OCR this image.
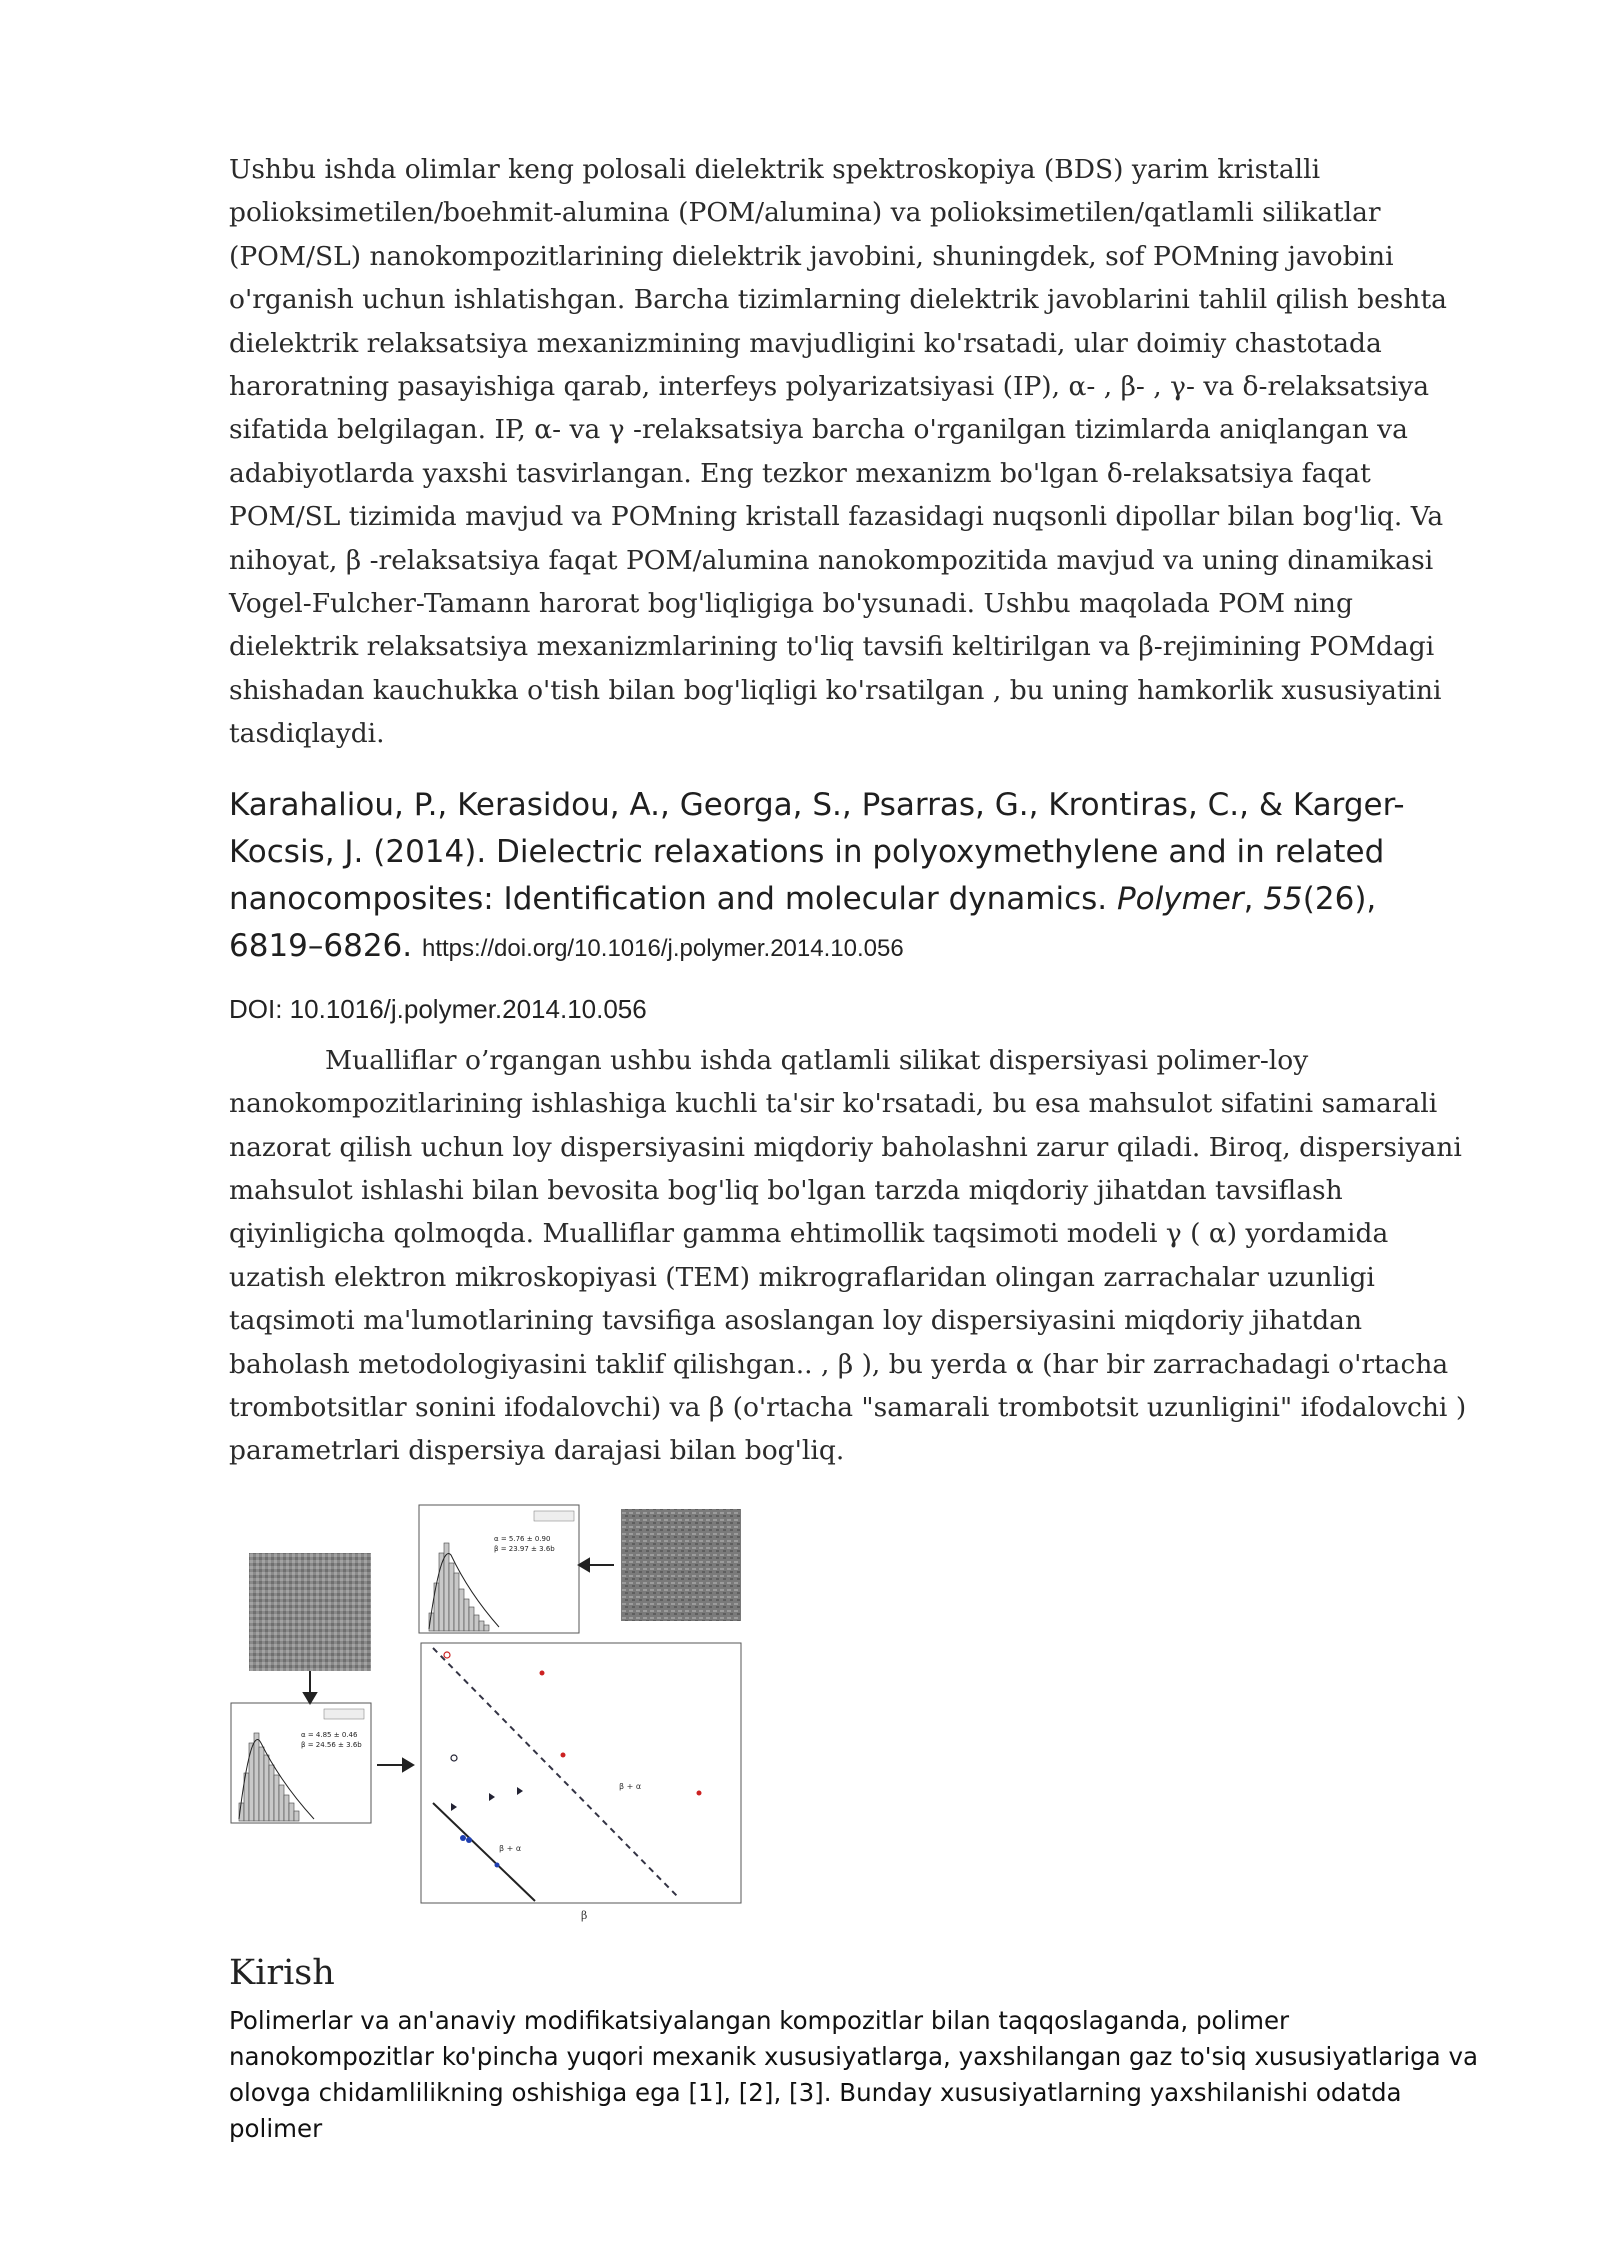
Ushbu ishda olimlar keng polosali dielektrik spektroskopiya (BDS) yarim kristalli polioksimetilen/boehmit-alumina (POM/alumina) va polioksimetilen/qatlamli silikatlar (POM/SL) nanokompozitlarining dielektrik javobini, shuningdek, sof POMning javobini o'rganish uchun ishlatishgan. Barcha tizimlarning dielektrik javoblarini tahlil qilish beshta dielektrik relaksatsiya mexanizmining mavjudligini ko'rsatadi, ular doimiy chastotada haroratning pasayishiga qarab, interfeys polyarizatsiyasi (IP), α- , β- , γ- va δ-relaksatsiya sifatida belgilagan. IP, α- va γ -relaksatsiya barcha o'rganilgan tizimlarda aniqlangan va adabiyotlarda yaxshi tasvirlangan. Eng tezkor mexanizm bo'lgan δ-relaksatsiya faqat POM/SL tizimida mavjud va POMning kristall fazasidagi nuqsonli dipollar bilan bog'liq. Va nihoyat, β -relaksatsiya faqat POM/alumina nanokompozitida mavjud va uning dinamikasi Vogel-Fulcher-Tamann harorat bog'liqligiga bo'ysunadi. Ushbu maqolada POM ning dielektrik relaksatsiya mexanizmlarining to'liq tavsifi keltirilgan va β-rejimining POMdagi shishadan kauchukka o'tish bilan bog'liqligi ko'rsatilgan , bu uning hamkorlik xususiyatini tasdiqlaydi.

Karahaliou, P., Kerasidou, A., Georga, S., Psarras, G., Krontiras, C., & Karger-Kocsis, J. (2014). Dielectric relaxations in polyoxymethylene and in related nanocomposites: Identification and molecular dynamics. Polymer, 55(26), 6819–6826. https://doi.org/10.1016/j.polymer.2014.10.056

DOI: 10.1016/j.polymer.2014.10.056

Mualliflar o’rgangan ushbu ishda qatlamli silikat dispersiyasi polimer-loy nanokompozitlarining ishlashiga kuchli ta'sir ko'rsatadi, bu esa mahsulot sifatini samarali nazorat qilish uchun loy dispersiyasini miqdoriy baholashni zarur qiladi. Biroq, dispersiyani mahsulot ishlashi bilan bevosita bog'liq bo'lgan tarzda miqdoriy jihatdan tavsiflash qiyinligicha qolmoqda. Mualliflar gamma ehtimollik taqsimoti modeli γ ( α) yordamida uzatish elektron mikroskopiyasi (TEM) mikrograflaridan olingan zarrachalar uzunligi taqsimoti ma'lumotlarining tavsifiga asoslangan loy dispersiyasini miqdoriy jihatdan baholash metodologiyasini taklif qilishgan.. , β ), bu yerda α (har bir zarrachadagi o'rtacha trombotsitlar sonini ifodalovchi) va β (o'rtacha "samarali trombotsit uzunligini" ifodalovchi ) parametrlari dispersiya darajasi bilan bog'liq.

α = 5.76 ± 0.90
β = 23.97 ± 3.6b
α = 4.85 ± 0.46
β = 24.56 ± 3.6b
β + α
β + α
β
Kirish

Polimerlar va an'anaviy modifikatsiyalangan kompozitlar bilan taqqoslaganda, polimer nanokompozitlar ko'pincha yuqori mexanik xususiyatlarga, yaxshilangan gaz to'siq xususiyatlariga va olovga chidamlilikning oshishiga ega [1], [2], [3]. Bunday xususiyatlarning yaxshilanishi odatda polimer
